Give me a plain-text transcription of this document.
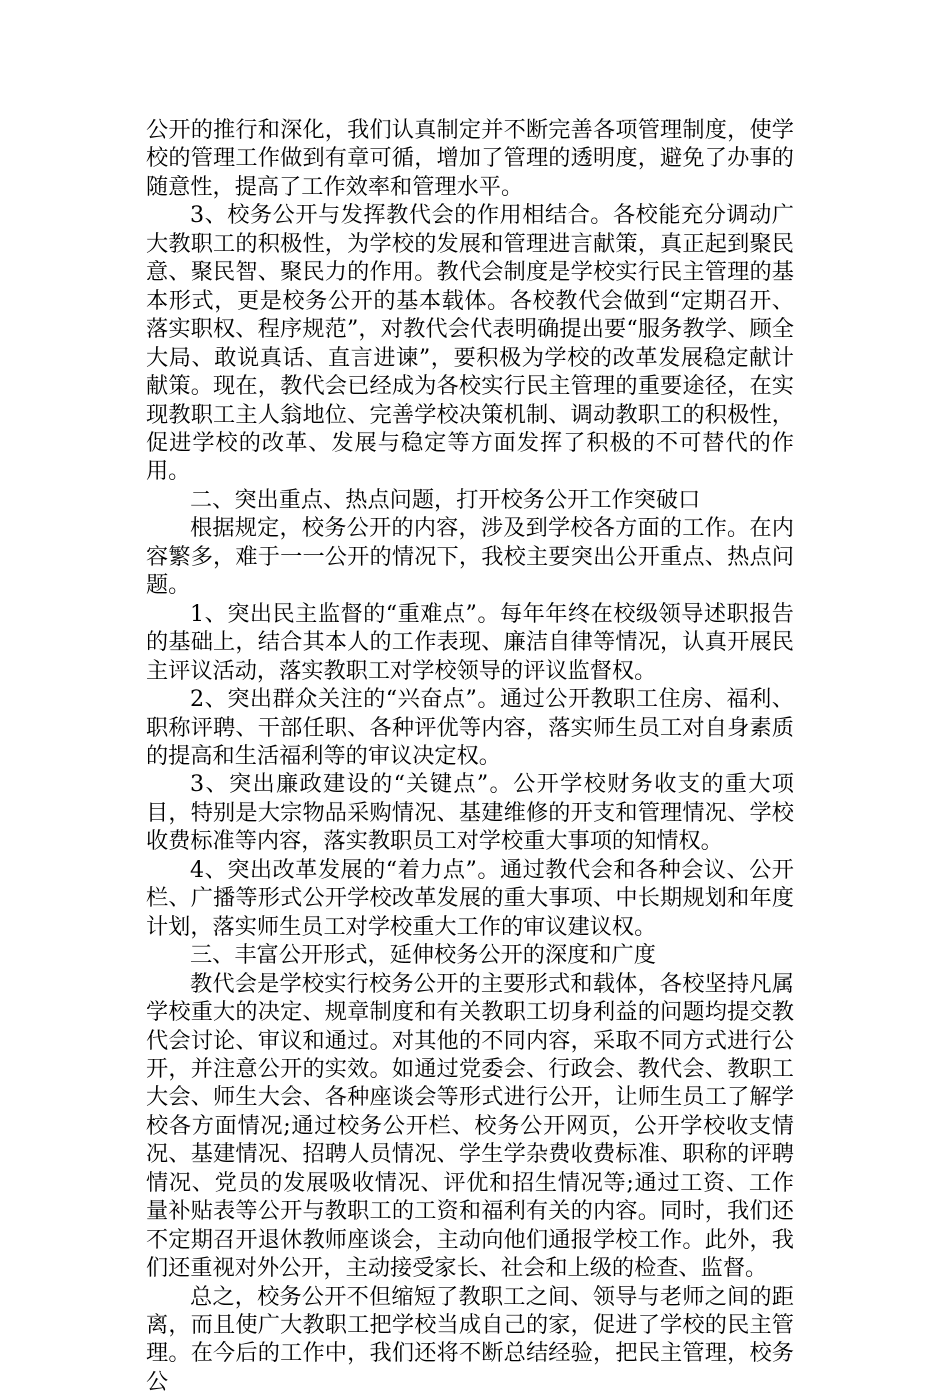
公开的推行和深化，我们认真制定并不断完善各项管理制度，使学校的管理工作做到有章可循，增加了管理的透明度，避免了办事的随意性，提高了工作效率和管理水平。

3、校务公开与发挥教代会的作用相结合。各校能充分调动广大教职工的积极性，为学校的发展和管理进言献策，真正起到聚民意、聚民智、聚民力的作用。教代会制度是学校实行民主管理的基本形式，更是校务公开的基本载体。各校教代会做到“定期召开、落实职权、程序规范”，对教代会代表明确提出要“服务教学、顾全大局、敢说真话、直言进谏”，要积极为学校的改革发展稳定献计献策。现在，教代会已经成为各校实行民主管理的重要途径，在实现教职工主人翁地位、完善学校决策机制、调动教职工的积极性，促进学校的改革、发展与稳定等方面发挥了积极的不可替代的作用。

二、突出重点、热点问题，打开校务公开工作突破口

根据规定，校务公开的内容，涉及到学校各方面的工作。在内容繁多，难于一一公开的情况下，我校主要突出公开重点、热点问题。

1、突出民主监督的“重难点”。每年年终在校级领导述职报告的基础上，结合其本人的工作表现、廉洁自律等情况，认真开展民主评议活动，落实教职工对学校领导的评议监督权。

2、突出群众关注的“兴奋点”。通过公开教职工住房、福利、职称评聘、干部任职、各种评优等内容，落实师生员工对自身素质的提高和生活福利等的审议决定权。

3、突出廉政建设的“关键点”。公开学校财务收支的重大项目，特别是大宗物品采购情况、基建维修的开支和管理情况、学校收费标准等内容，落实教职员工对学校重大事项的知情权。

4、突出改革发展的“着力点”。通过教代会和各种会议、公开栏、广播等形式公开学校改革发展的重大事项、中长期规划和年度计划，落实师生员工对学校重大工作的审议建议权。

三、丰富公开形式，延伸校务公开的深度和广度

教代会是学校实行校务公开的主要形式和载体，各校坚持凡属学校重大的决定、规章制度和有关教职工切身利益的问题均提交教代会讨论、审议和通过。对其他的不同内容，采取不同方式进行公开，并注意公开的实效。如通过党委会、行政会、教代会、教职工大会、师生大会、各种座谈会等形式进行公开，让师生员工了解学校各方面情况;通过校务公开栏、校务公开网页，公开学校收支情况、基建情况、招聘人员情况、学生学杂费收费标准、职称的评聘情况、党员的发展吸收情况、评优和招生情况等;通过工资、工作量补贴表等公开与教职工的工资和福利有关的内容。同时，我们还不定期召开退休教师座谈会，主动向他们通报学校工作。此外，我们还重视对外公开，主动接受家长、社会和上级的检查、监督。

总之，校务公开不但缩短了教职工之间、领导与老师之间的距离，而且使广大教职工把学校当成自己的家，促进了学校的民主管理。在今后的工作中，我们还将不断总结经验，把民主管理，校务公
